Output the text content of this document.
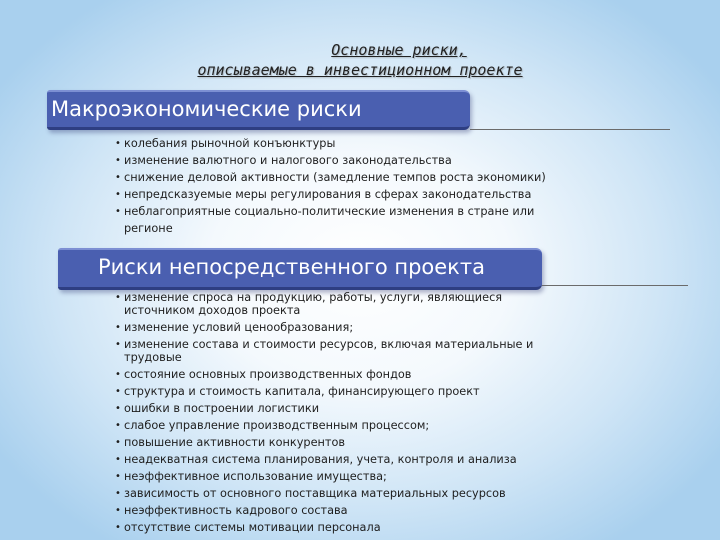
Основные риски,
описываемые в инвестиционном проекте
Макроэкономические риски
• колебания рыночной конъюнктуры
• изменение валютного и налогового законодательства
• снижение деловой активности (замедление темпов роста экономики)
• непредсказуемые меры регулирования в сферах законодательства
• неблагоприятные социально-политические изменения в стране или регионе
Риски непосредственного проекта
• изменение спроса на продукцию, работы, услуги, являющиеся источником доходов проекта
• изменение условий ценообразования;
• изменение состава и стоимости ресурсов, включая материальные и трудовые
• состояние основных производственных фондов
• структура и стоимость капитала, финансирующего проект
• ошибки в построении логистики
• слабое управление производственным процессом;
• повышение активности конкурентов
• неадекватная система планирования, учета, контроля и анализа
• неэффективное использование имущества;
• зависимость от основного поставщика материальных ресурсов
• неэффективность кадрового состава
• отсутствие системы мотивации персонала
